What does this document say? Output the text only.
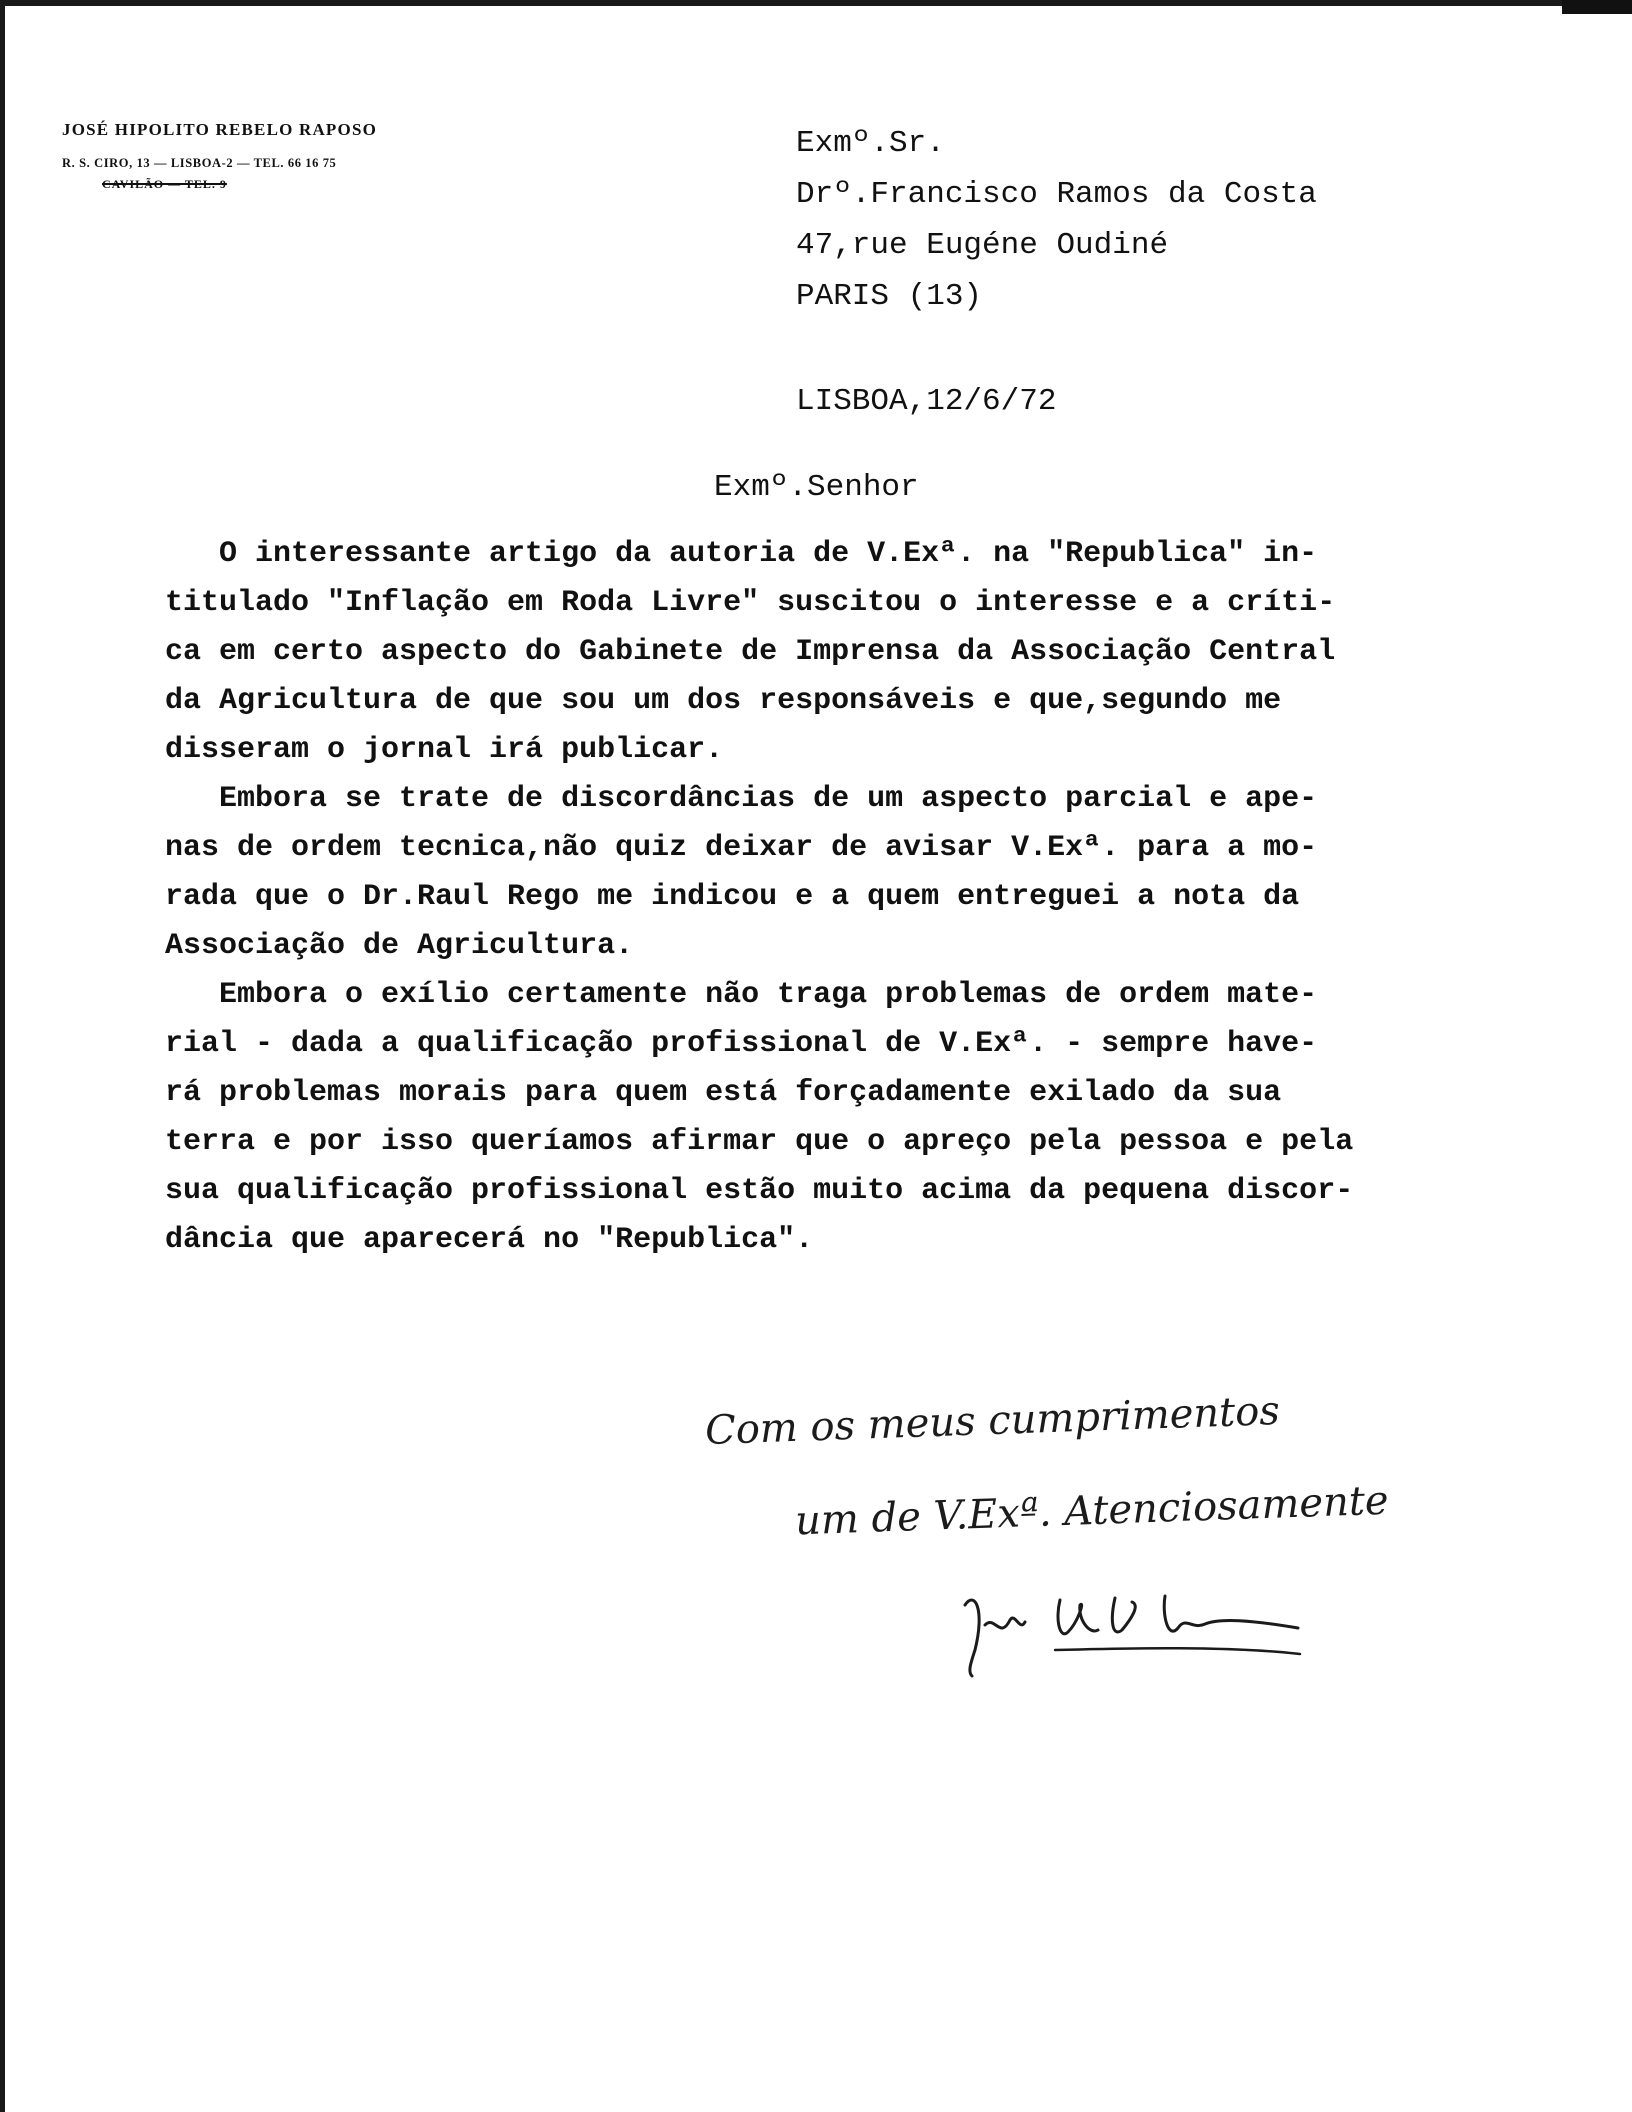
JOSÉ HIPOLITO REBELO RAPOSO
R. S. CIRO, 13 — LISBOA-2 — TEL. 66 16 75
CAVILÃO — TEL. 9
Exmº.Sr.
Drº.Francisco Ramos da Costa
47,rue Eugéne Oudiné
PARIS (13)
LISBOA,12/6/72
Exmº.Senhor

O interessante artigo da autoria de V.Exª. na "Republica" in-

titulado "Inflação em Roda Livre" suscitou o interesse e a críti-

ca em certo aspecto do Gabinete de Imprensa da Associação Central

da Agricultura de que sou um dos responsáveis e que,segundo me

disseram o jornal irá publicar.

Embora se trate de discordâncias de um aspecto parcial e ape-

nas de ordem tecnica,não quiz deixar de avisar V.Exª. para a mo-

rada que o Dr.Raul Rego me indicou e a quem entreguei a nota da

Associação de Agricultura.

Embora o exílio certamente não traga problemas de ordem mate-

rial - dada a qualificação profissional de V.Exª. - sempre have-

rá problemas morais para quem está forçadamente exilado da sua

terra e por isso queríamos afirmar que o apreço pela pessoa e pela

sua qualificação profissional estão muito acima da pequena discor-

dância que aparecerá no "Republica".

Com os meus cumprimentos
um de V.Exª. Atenciosamente
